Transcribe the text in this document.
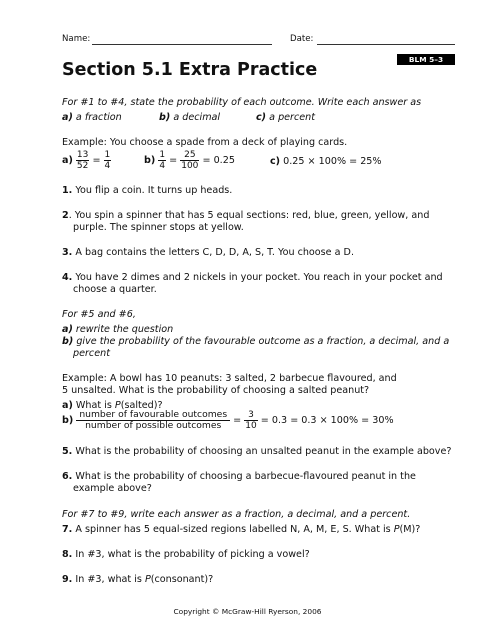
Name:	Date:
BLM 5–3
Section 5.1 Extra Practice
For #1 to #4, state the probability of each outcome. Write each answer as
a) a fraction	b) a decimal	c) a percent
Example: You choose a spade from a deck of playing cards.
$a) \frac{13}{52} = \frac{1}{4}$	$b) \frac{1}{4} = \frac{25}{100} = 0.25$	c) 0.25 × 100% = 25%
1. You flip a coin. It turns up heads.
2. You spin a spinner that has 5 equal sections: red, blue, green, yellow, and
purple. The spinner stops at yellow.
3. A bag contains the letters C, D, D, A, S, T. You choose a D.
4. You have 2 dimes and 2 nickels in your pocket. You reach in your pocket and
choose a quarter.
For #5 and #6,
a) rewrite the question
b) give the probability of the favourable outcome as a fraction, a decimal, and a
percent
Example: A bowl has 10 peanuts: 3 salted, 2 barbecue flavoured, and
5 unsalted. What is the probability of choosing a salted peanut?
a) What is P(salted)?
$b) \frac{\text{number of favourable outcomes}}{\text{number of possible outcomes}} = \frac{3}{10} = 0.3 = 0.3 \times 100\% = 30\%$
5. What is the probability of choosing an unsalted peanut in the example above?
6. What is the probability of choosing a barbecue-flavoured peanut in the
example above?
For #7 to #9, write each answer as a fraction, a decimal, and a percent.
7. A spinner has 5 equal-sized regions labelled N, A, M, E, S. What is P(M)?
8. In #3, what is the probability of picking a vowel?
9. In #3, what is P(consonant)?
Copyright © McGraw-Hill Ryerson, 2006
